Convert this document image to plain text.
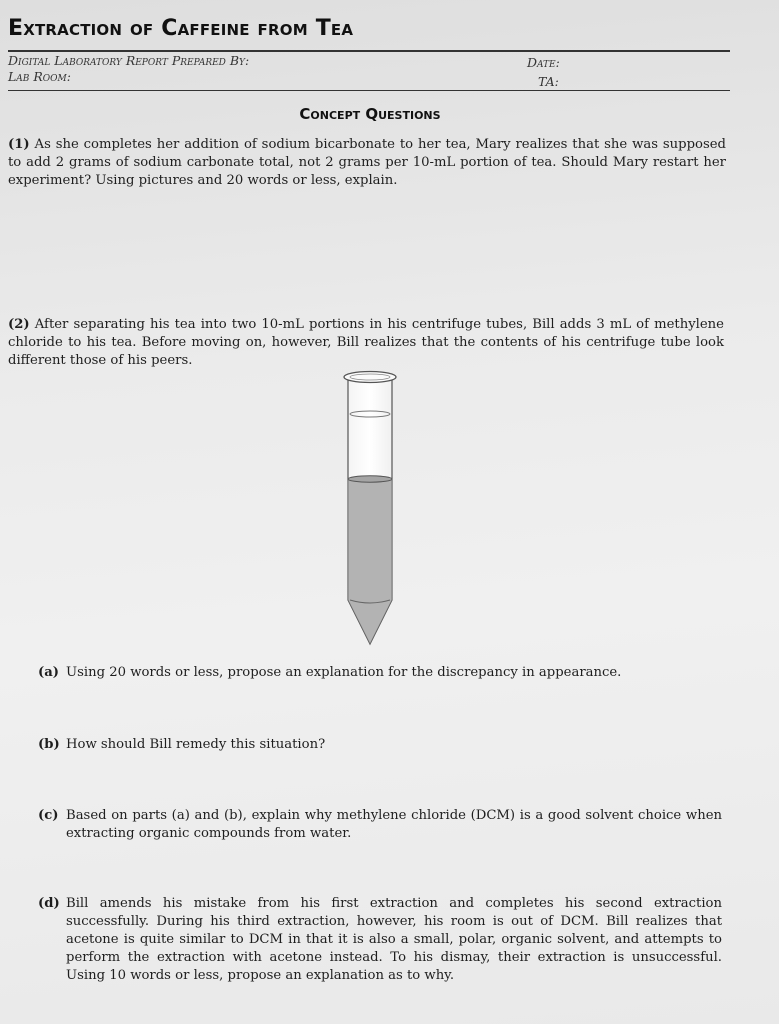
Extraction of Caffeine from Tea
Digital Laboratory Report Prepared By:
Lab Room:
Date:
TA:
Concept Questions
(1) As she completes her addition of sodium bicarbonate to her tea, Mary realizes that she was supposed to add 2 grams of sodium carbonate total, not 2 grams per 10-mL portion of tea. Should Mary restart her experiment? Using pictures and 20 words or less, explain.
(2) After separating his tea into two 10-mL portions in his centrifuge tubes, Bill adds 3 mL of methylene chloride to his tea. Before moving on, however, Bill realizes that the contents of his centrifuge tube look different those of his peers.
(a) Using 20 words or less, propose an explanation for the discrepancy in appearance.
(b) How should Bill remedy this situation?
(c) Based on parts (a) and (b), explain why methylene chloride (DCM) is a good solvent choice when extracting organic compounds from water.
(d) Bill amends his mistake from his first extraction and completes his second extraction successfully. During his third extraction, however, his room is out of DCM. Bill realizes that acetone is quite similar to DCM in that it is also a small, polar, organic solvent, and attempts to perform the extraction with acetone instead. To his dismay, their extraction is unsuccessful. Using 10 words or less, propose an explanation as to why.
